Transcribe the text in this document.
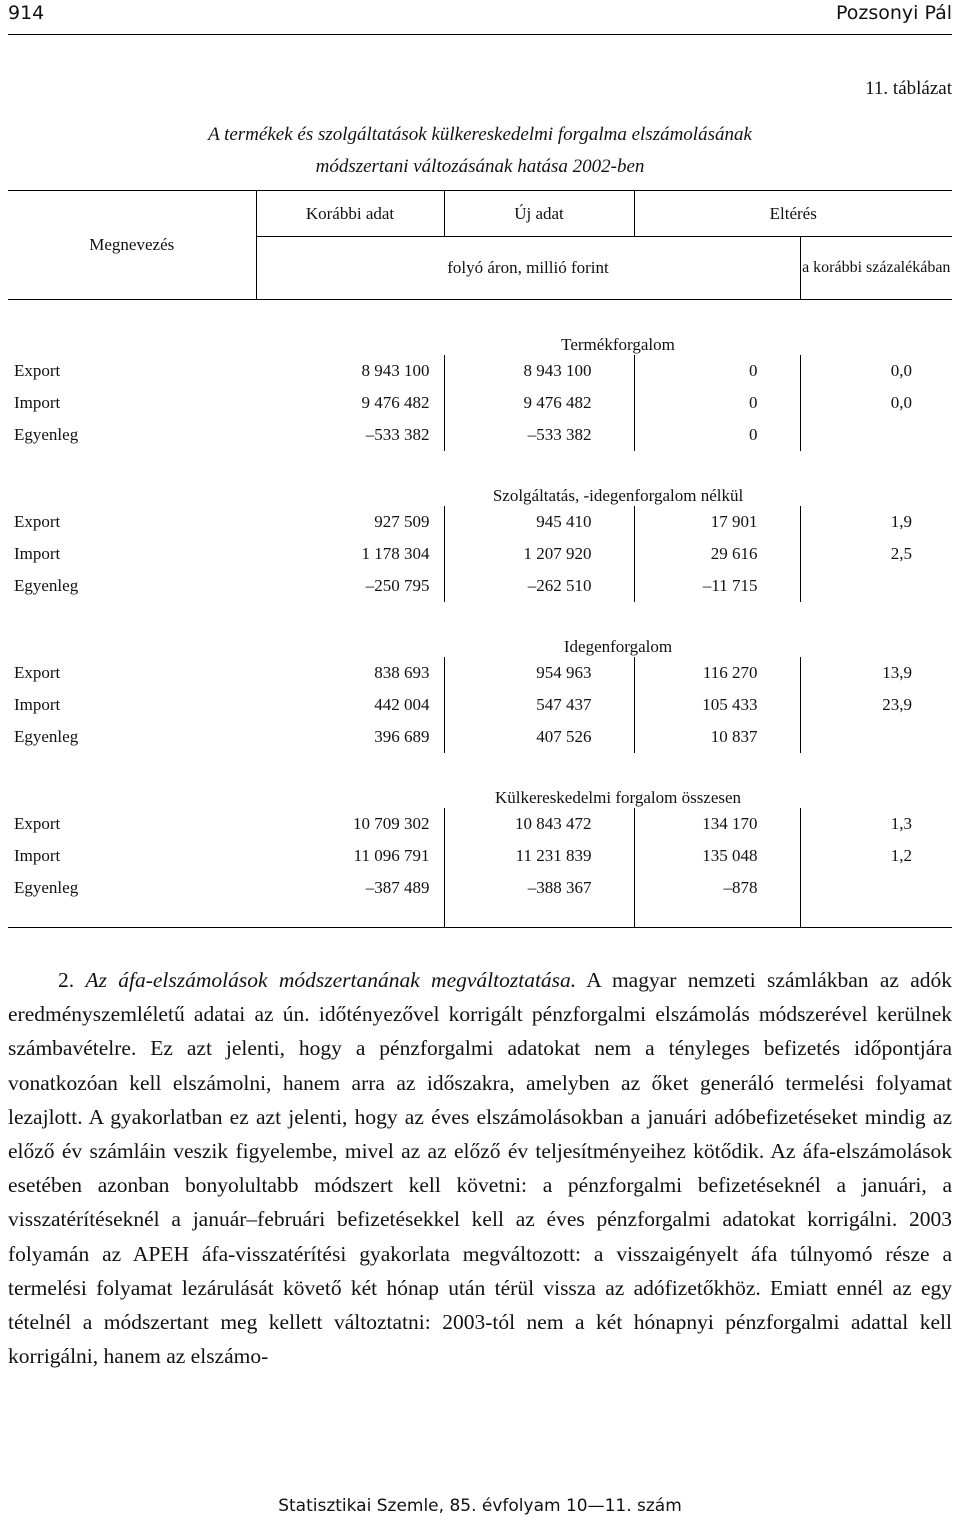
914	Pozsonyi Pál
11. táblázat
A termékek és szolgáltatások külkereskedelmi forgalma elszámolásának
módszertani változásának hatása 2002-ben
Megnevezés	Korábbi adat	Új adat	Eltérés	
	folyó áron, millió forint			a korábbi százalékában

		Termékforgalom		
Export	8 943 100	8 943 100	0	0,0
Import	9 476 482	9 476 482	0	0,0
Egyenleg	–533 382	–533 382	0	

		Szolgáltatás, -idegenforgalom nélkül		
Export	927 509	945 410	17 901	1,9
Import	1 178 304	1 207 920	29 616	2,5
Egyenleg	–250 795	–262 510	–11 715	

		Idegenforgalom		
Export	838 693	954 963	116 270	13,9
Import	442 004	547 437	105 433	23,9
Egyenleg	396 689	407 526	10 837	

		Külkereskedelmi forgalom összesen		
Export	10 709 302	10 843 472	134 170	1,3
Import	11 096 791	11 231 839	135 048	1,2
Egyenleg	–387 489	–388 367	–878	

2. Az áfa-elszámolások módszertanának megváltoztatása. A magyar nemzeti számlákban az adók eredményszemléletű adatai az ún. időtényezővel korrigált pénzforgalmi elszámolás módszerével kerülnek számbavételre. Ez azt jelenti, hogy a pénzforgalmi adatokat nem a tényleges befizetés időpontjára vonatkozóan kell elszámolni, hanem arra az időszakra, amelyben az őket generáló termelési folyamat lezajlott. A gyakorlatban ez azt jelenti, hogy az éves elszámolásokban a januári adóbefizetéseket mindig az előző év számláin veszik figyelembe, mivel az az előző év teljesítményeihez kötődik. Az áfa-elszámolások esetében azonban bonyolultabb módszert kell követni: a pénzforgalmi befizetéseknél a januári, a visszatérítéseknél a január–februári befizetésekkel kell az éves pénzforgalmi adatokat korrigálni. 2003 folyamán az APEH áfa-visszatérítési gyakorlata megváltozott: a visszaigényelt áfa túlnyomó része a termelési folyamat lezárulását követő két hónap után térül vissza az adófizetőkhöz. Emiatt ennél az egy tételnél a módszertant meg kellett változtatni: 2003-tól nem a két hónapnyi pénzforgalmi adattal kell korrigálni, hanem az elszámo-

Statisztikai Szemle, 85. évfolyam 10—11. szám
